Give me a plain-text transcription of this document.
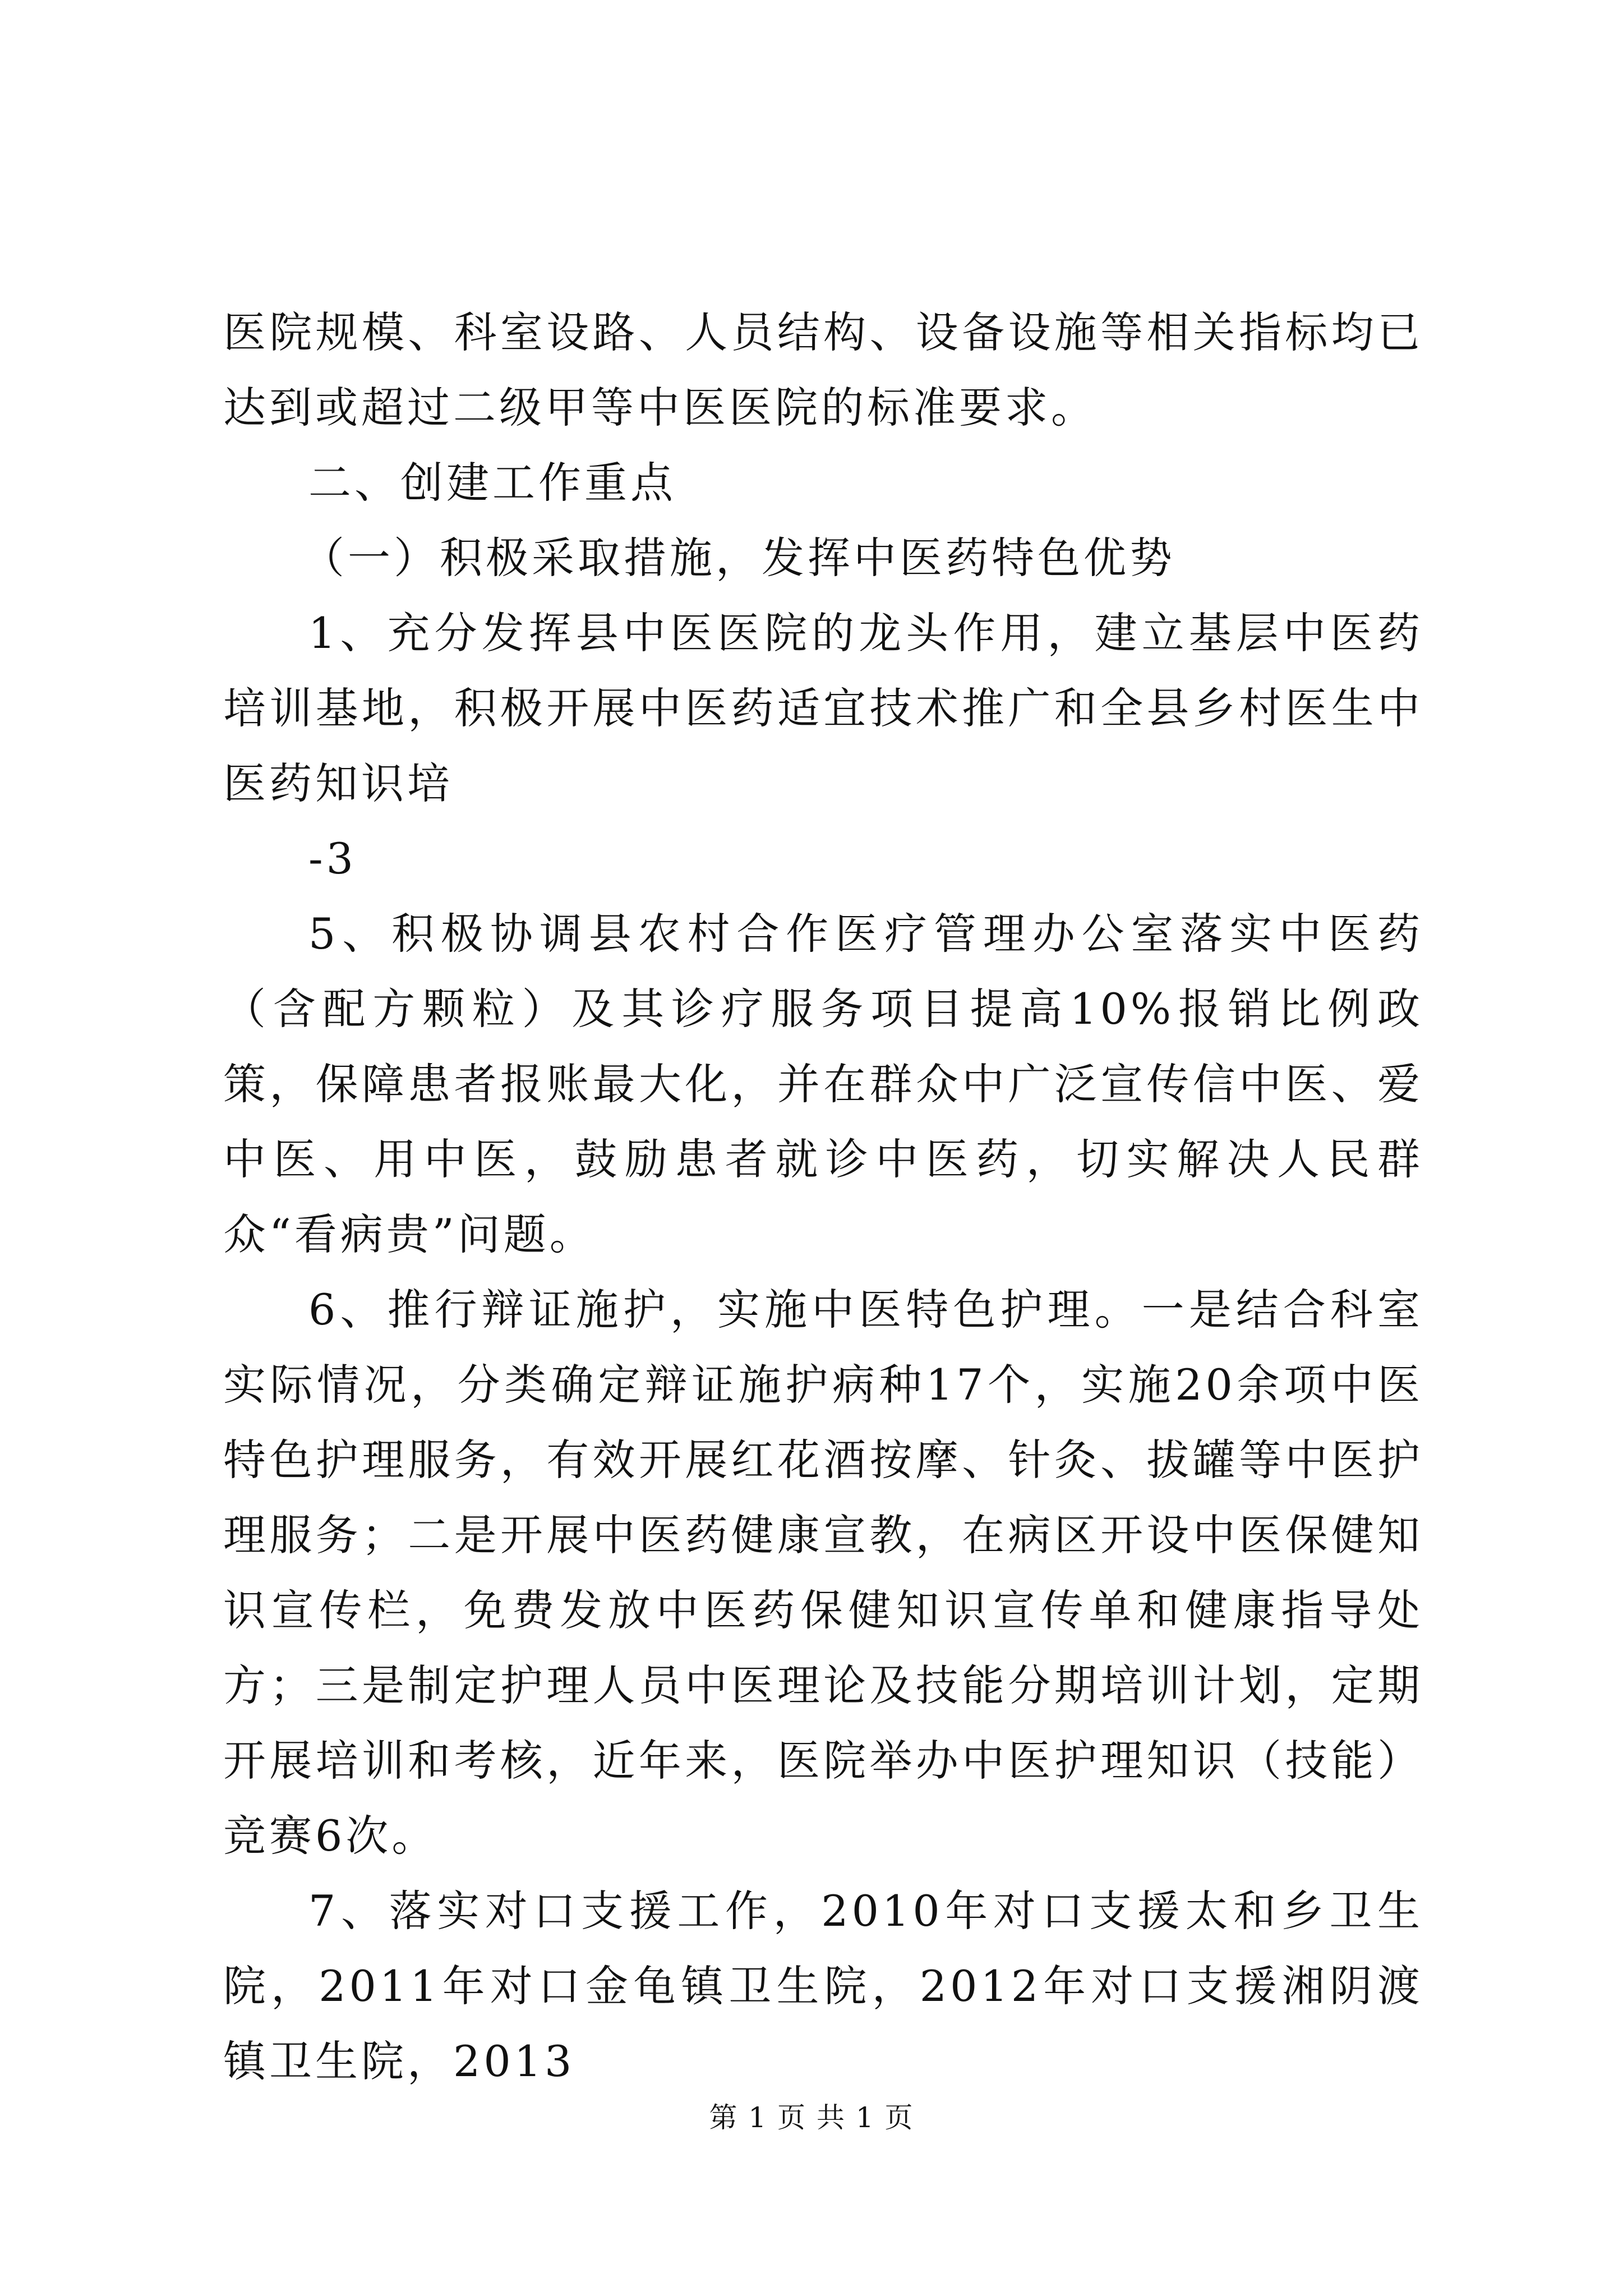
医院规模、科室设路、人员结构、设备设施等相关指标均已达到或超过二级甲等中医医院的标准要求。

二、创建工作重点

（一）积极采取措施，发挥中医药特色优势

1、充分发挥县中医医院的龙头作用，建立基层中医药培训基地，积极开展中医药适宜技术推广和全县乡村医生中医药知识培

-3

5、积极协调县农村合作医疗管理办公室落实中医药（含配方颗粒）及其诊疗服务项目提高10%报销比例政策，保障患者报账最大化，并在群众中广泛宣传信中医、爱中医、用中医，鼓励患者就诊中医药，切实解决人民群众“看病贵”问题。

6、推行辩证施护，实施中医特色护理。一是结合科室实际情况，分类确定辩证施护病种17个，实施20余项中医特色护理服务，有效开展红花酒按摩、针灸、拔罐等中医护理服务；二是开展中医药健康宣教，在病区开设中医保健知识宣传栏，免费发放中医药保健知识宣传单和健康指导处方；三是制定护理人员中医理论及技能分期培训计划，定期开展培训和考核，近年来，医院举办中医护理知识（技能）竞赛6次。

7、落实对口支援工作，2010年对口支援太和乡卫生院，2011年对口金龟镇卫生院，2012年对口支援湘阴渡镇卫生院，2013

第 1 页 共 1 页
